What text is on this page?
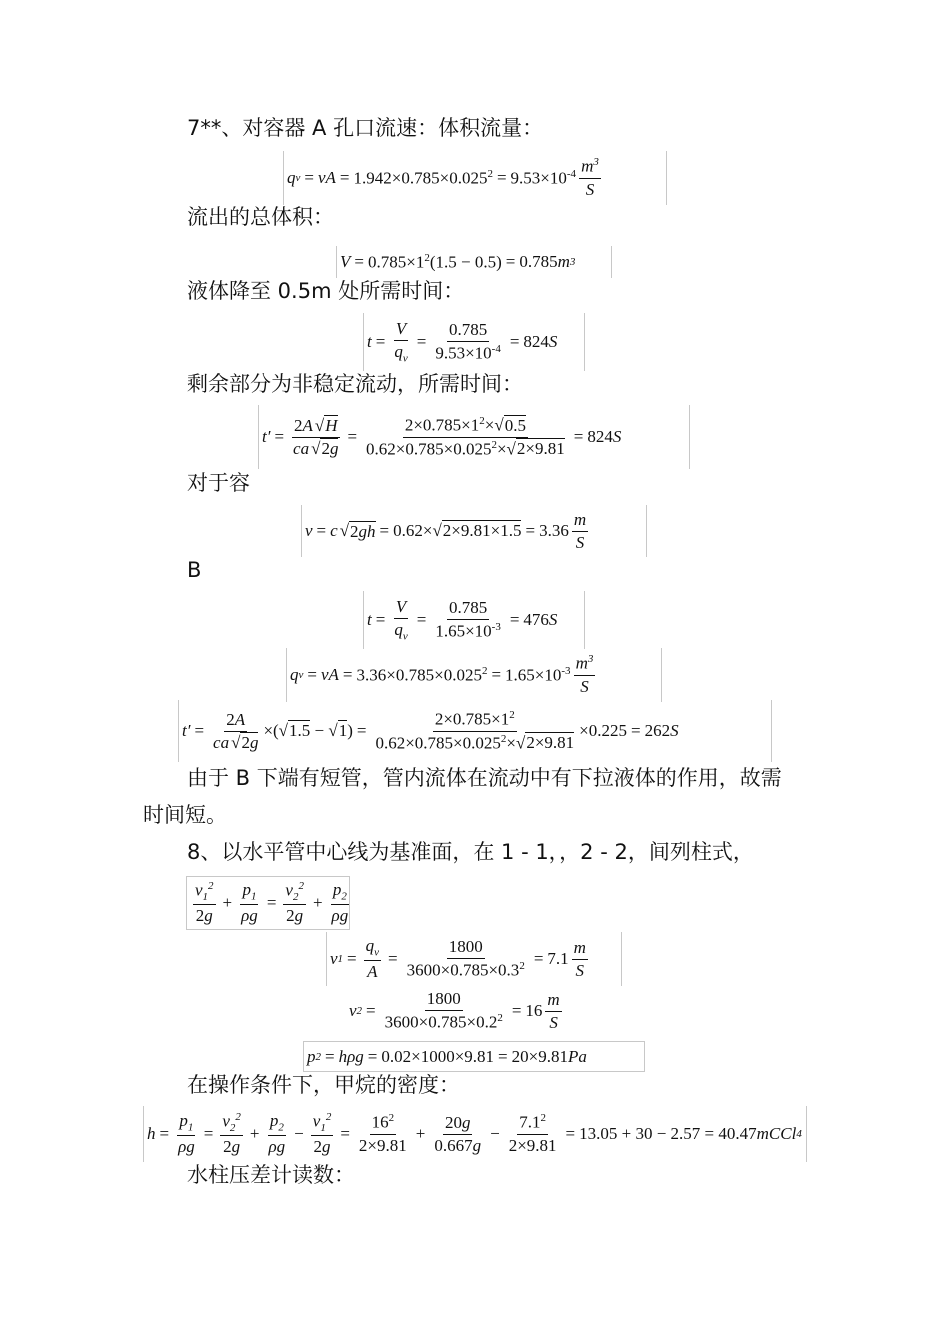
7**、对容器 A 孔口流速：体积流量：
流出的总体积：
液体降至 0.5m 处所需时间：
剩余部分为非稳定流动，所需时间：
对于容
B
由于 B 下端有短管，管内流体在流动中有下拉液体的作用，故需
时间短。
8、以水平管中心线为基准面，在 1 - 1，，2 - 2，间列柱式，
在操作条件下，甲烷的密度：
水柱压差计读数：
q v = vA = $1.942\times 0.785\times 0.025^2 = 9.53\times 10^{-4}$ $m^3$
S
$V = 0.785\times 1^2(1.5 - 0.5) = 0.785$ m 3
$t = \frac{V}{q_v} = \frac{0.785}{9.53\times 10^{-4}} = 824$ S
$t' = \frac{2A √H}{ca √2g} = \frac{2\times 0.785\times 1^2\times√0.5}{0.62\times 0.785\times 0.025^2\times√2\times 9.81} = 824$ S
v = c √ 2gh = 0.62×√2×9.81×1.5 = 3.36
m
S
$t = \frac{V}{q_v} = \frac{0.785}{1.65\times 10^{-3}} = 476$ S
q v = vA = $3.36\times 0.785\times 0.025^2 = 1.65\times 10^{-3}$ $m^3$
S
$t' = \frac{2A}{ca √2g} \times(√1.5 - √1) = \frac{2\times 0.785\times 1^2}{0.62\times 0.785\times 0.025^2\times√2\times 9.81} \times 0.225 = 262$ S
$v_1^2$
2g
+ $\frac{p_1}{\rho g} = \frac{v_2^2}{2g} + \frac{p_2}{\rho g}$
v $1 = \frac{q_v}{A} = \frac{1800}{3600\times 0.785\times 0.3^2} = 7.1$
m
S
v $2 = \frac{1800}{3600\times 0.785\times 0.2^2} = 16$
m
S
p 2 = hρg = 0.02×1000×9.81 = 20×9.81 Pa
$h = \frac{p_1}{\rho g} = \frac{v_2^2}{2g} + \frac{p_2}{\rho g} - \frac{v_1^2}{2g} = \frac{16^2}{2\times 9.81} + \frac{20g}{0.667g} - \frac{7.1^2}{2\times 9.81} = 13.05 + 30 - 2.57 = 40.47$ mCCl 4
